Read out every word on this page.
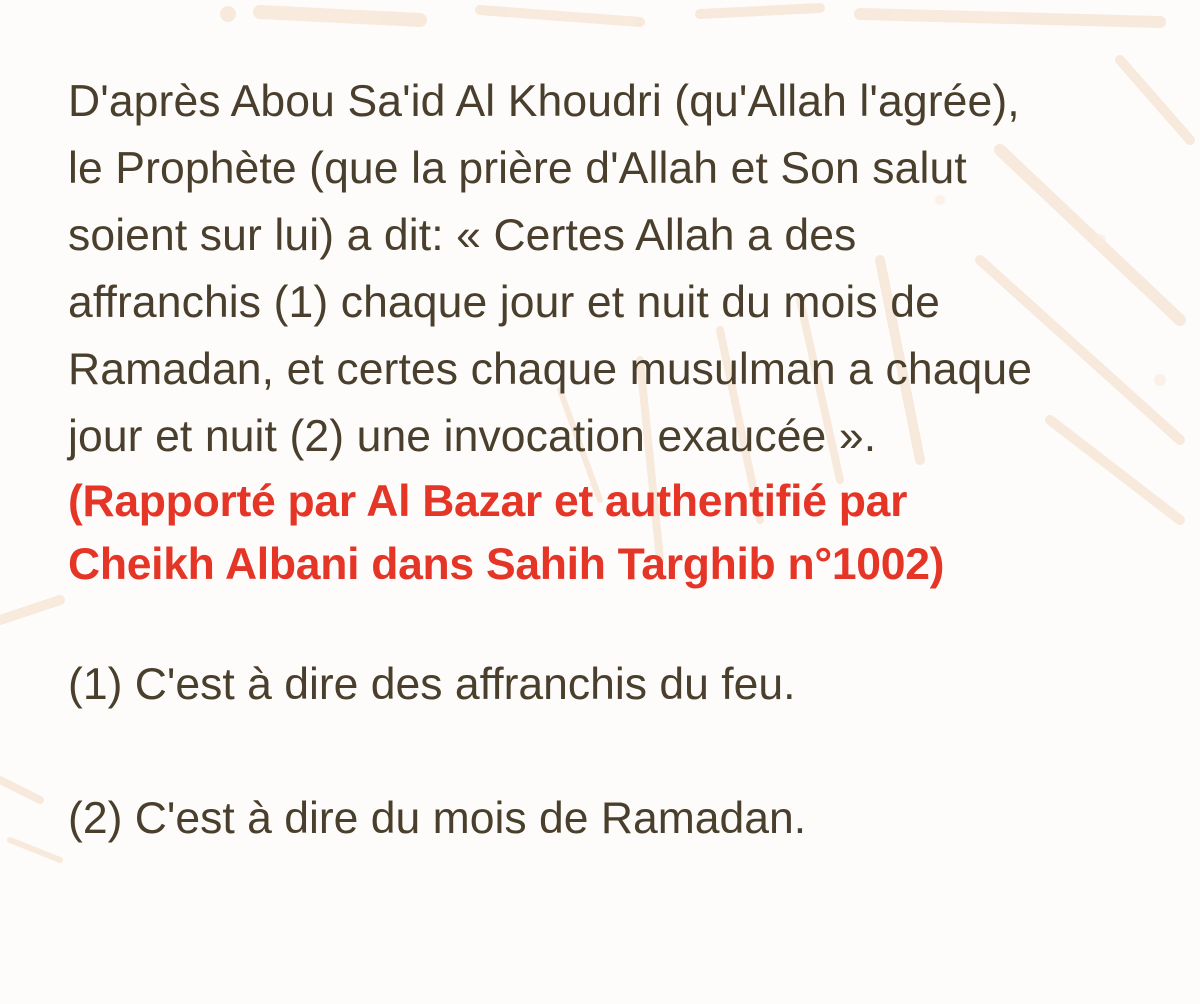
D'après Abou Sa'id Al Khoudri (qu'Allah l'agrée),
le Prophète (que la prière d'Allah et Son salut
soient sur lui) a dit: « Certes Allah a des
affranchis (1) chaque jour et nuit du mois de
Ramadan, et certes chaque musulman a chaque
jour et nuit (2) une invocation exaucée ».
(Rapporté par Al Bazar et authentifié par
Cheikh Albani dans Sahih Targhib n°1002)
(1) C'est à dire des affranchis du feu.
(2) C'est à dire du mois de Ramadan.
